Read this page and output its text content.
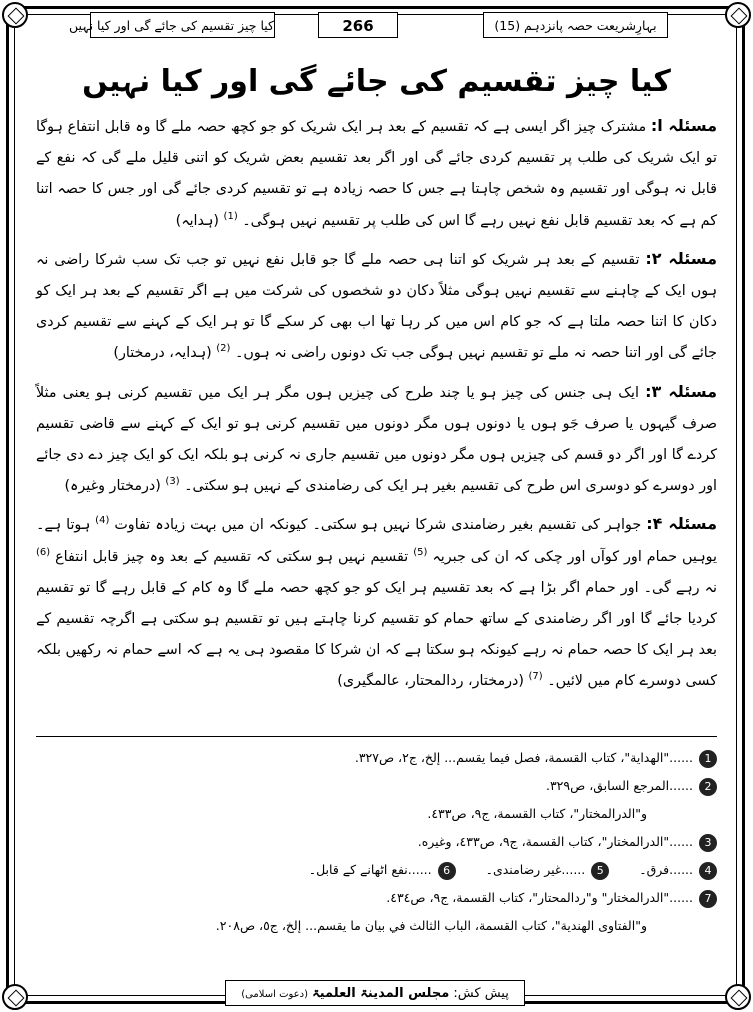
بہارِشریعت حصہ پانزدہم (15)
266
کیا چیز تقسیم کی جائے گی اور کیا نہیں
کیا چیز تقسیم کی جائے گی اور کیا نہیں

مسئلہ ا: مشترک چیز اگر ایسی ہے کہ تقسیم کے بعد ہر ایک شریک کو جو کچھ حصہ ملے گا وہ قابل انتفاع ہوگا تو ایک شریک کی طلب پر تقسیم کردی جائے گی اور اگر بعد تقسیم بعض شریک کو اتنی قلیل ملے گی کہ نفع کے قابل نہ ہوگی اور تقسیم وہ شخص چاہتا ہے جس کا حصہ زیادہ ہے تو تقسیم کردی جائے گی اور جس کا حصہ اتنا کم ہے کہ بعد تقسیم قابل نفع نہیں رہے گا اس کی طلب پر تقسیم نہیں ہوگی۔ $^{(1)}$ (ہدایہ)

مسئلہ ۲: تقسیم کے بعد ہر شریک کو اتنا ہی حصہ ملے گا جو قابل نفع نہیں تو جب تک سب شرکا راضی نہ ہوں ایک کے چاہنے سے تقسیم نہیں ہوگی مثلاً دکان دو شخصوں کی شرکت میں ہے اگر تقسیم کے بعد ہر ایک کو دکان کا اتنا حصہ ملتا ہے کہ جو کام اس میں کر رہا تھا اب بھی کر سکے گا تو ہر ایک کے کہنے سے تقسیم کردی جائے گی اور اتنا حصہ نہ ملے تو تقسیم نہیں ہوگی جب تک دونوں راضی نہ ہوں۔ $^{(2)}$ (ہدایہ، درمختار)

مسئلہ ۳: ایک ہی جنس کی چیز ہو یا چند طرح کی چیزیں ہوں مگر ہر ایک میں تقسیم کرنی ہو یعنی مثلاً صرف گیہوں یا صرف جَو ہوں یا دونوں ہوں مگر دونوں میں تقسیم کرنی ہو تو ایک کے کہنے سے قاضی تقسیم کردے گا اور اگر دو قسم کی چیزیں ہوں مگر دونوں میں تقسیم جاری نہ کرنی ہو بلکہ ایک کو ایک چیز دے دی جائے اور دوسرے کو دوسری اس طرح کی تقسیم بغیر ہر ایک کی رضامندی کے نہیں ہو سکتی۔ $^{(3)}$ (درمختار وغیرہ)

مسئلہ ۴: جواہر کی تقسیم بغیر رضامندی شرکا نہیں ہو سکتی۔ کیونکہ ان میں بہت زیادہ تفاوت $^{(4)}$ ہوتا ہے۔ یوہیں حمام اور کوآں اور چکی کہ ان کی جبریہ $^{(5)}$ تقسیم نہیں ہو سکتی کہ تقسیم کے بعد وہ چیز قابل انتفاع $^{(6)}$ نہ رہے گی۔ اور حمام اگر بڑا ہے کہ بعد تقسیم ہر ایک کو جو کچھ حصہ ملے گا وہ کام کے قابل رہے گا تو تقسیم کردیا جائے گا اور اگر رضامندی کے ساتھ حمام کو تقسیم کرنا چاہتے ہیں تو تقسیم ہو سکتی ہے اگرچہ تقسیم کے بعد ہر ایک کا حصہ حمام نہ رہے کیونکہ ہو سکتا ہے کہ ان شرکا کا مقصود ہی یہ ہے کہ اسے حمام نہ رکھیں بلکہ کسی دوسرے کام میں لائیں۔ $^{(7)}$ (درمختار، ردالمحتار، عالمگیری)

1......"الهداية"، كتاب القسمة، فصل فيما يقسم... إلخ، ج٢، ص٣٢٧.
2......المرجع السابق، ص٣٢٩.
و"الدرالمختار"، كتاب القسمة، ج٩، ص٤٣٣.
3......"الدرالمختار"، كتاب القسمة، ج٩، ص٤٣٣، وغيره.
4......فرق۔
5......غیر رضامندی۔
6......نفع اٹھانے کے قابل۔
7......"الدرالمختار" و"ردالمحتار"، كتاب القسمة، ج٩، ص٤٣٤.
و"الفتاوى الهندية"، كتاب القسمة، الباب الثالث في بيان ما يقسم... إلخ، ج٥، ص٢٠٨.
پیش کش: مجلس المدینۃ العلمیۃ (دعوت اسلامی)
